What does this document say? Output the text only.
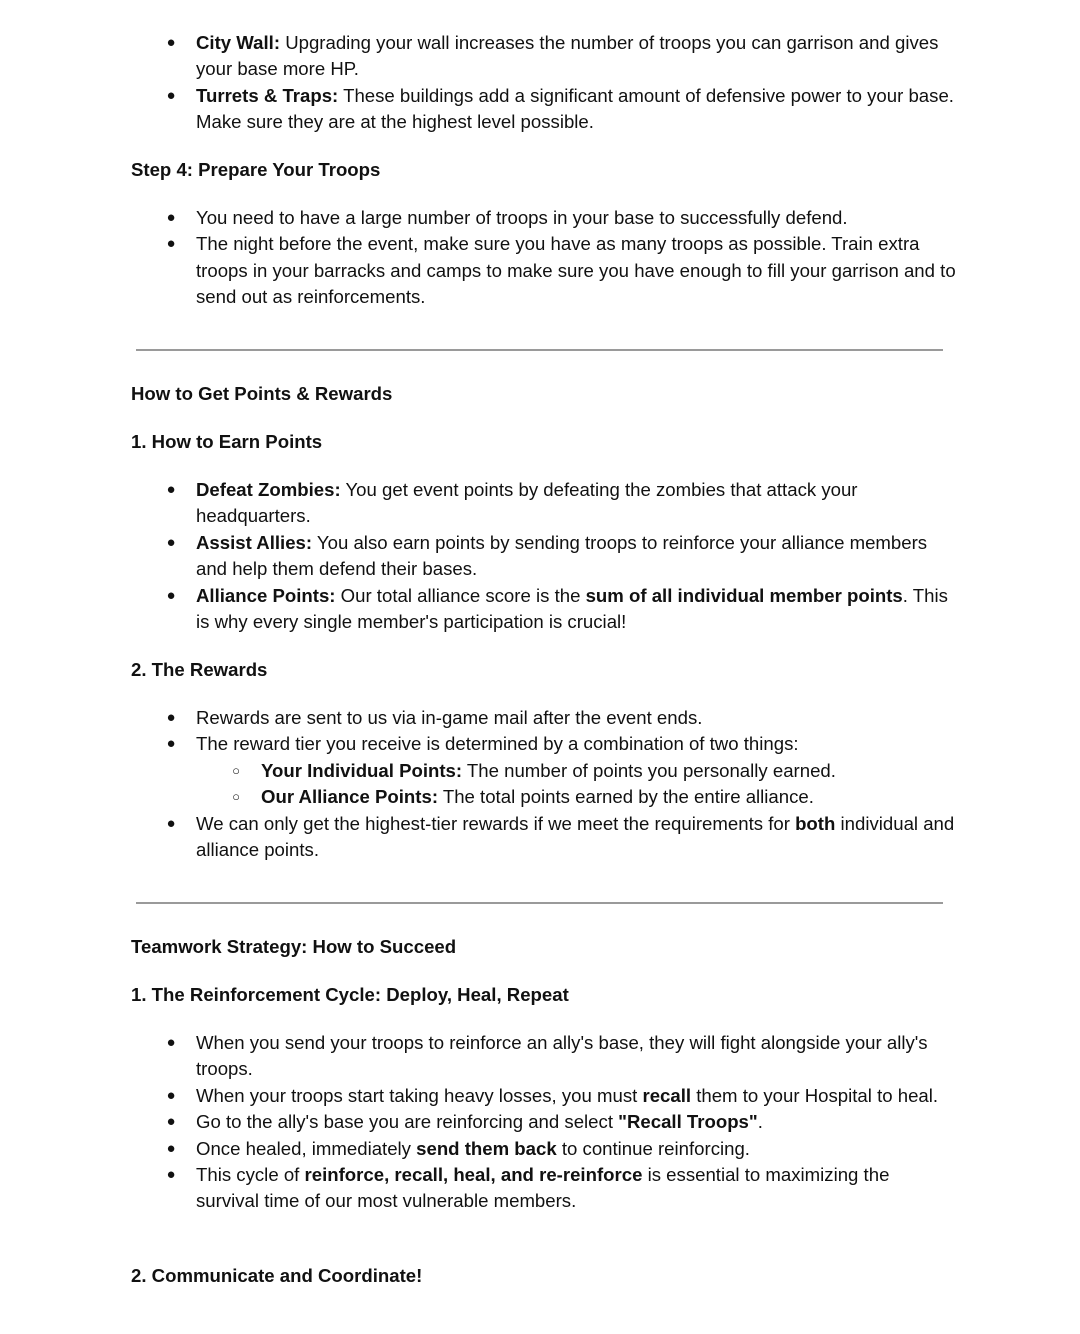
● City Wall: Upgrading your wall increases the number of troops you can garrison and gives your base more HP.
● Turrets & Traps: These buildings add a significant amount of defensive power to your base. Make sure they are at the highest level possible.
Step 4: Prepare Your Troops
● You need to have a large number of troops in your base to successfully defend.
● The night before the event, make sure you have as many troops as possible. Train extra troops in your barracks and camps to make sure you have enough to fill your garrison and to send out as reinforcements.
How to Get Points & Rewards
1. How to Earn Points
● Defeat Zombies: You get event points by defeating the zombies that attack your headquarters.
● Assist Allies: You also earn points by sending troops to reinforce your alliance members and help them defend their bases.
● Alliance Points: Our total alliance score is the sum of all individual member points. This is why every single member's participation is crucial!
2. The Rewards
● Rewards are sent to us via in-game mail after the event ends.
● The reward tier you receive is determined by a combination of two things:
○ Your Individual Points: The number of points you personally earned.
○ Our Alliance Points: The total points earned by the entire alliance.
● We can only get the highest-tier rewards if we meet the requirements for both individual and alliance points.
Teamwork Strategy: How to Succeed
1. The Reinforcement Cycle: Deploy, Heal, Repeat
● When you send your troops to reinforce an ally's base, they will fight alongside your ally's troops.
● When your troops start taking heavy losses, you must recall them to your Hospital to heal.
● Go to the ally's base you are reinforcing and select "Recall Troops".
● Once healed, immediately send them back to continue reinforcing.
● This cycle of reinforce, recall, heal, and re-reinforce is essential to maximizing the survival time of our most vulnerable members.
2. Communicate and Coordinate!
